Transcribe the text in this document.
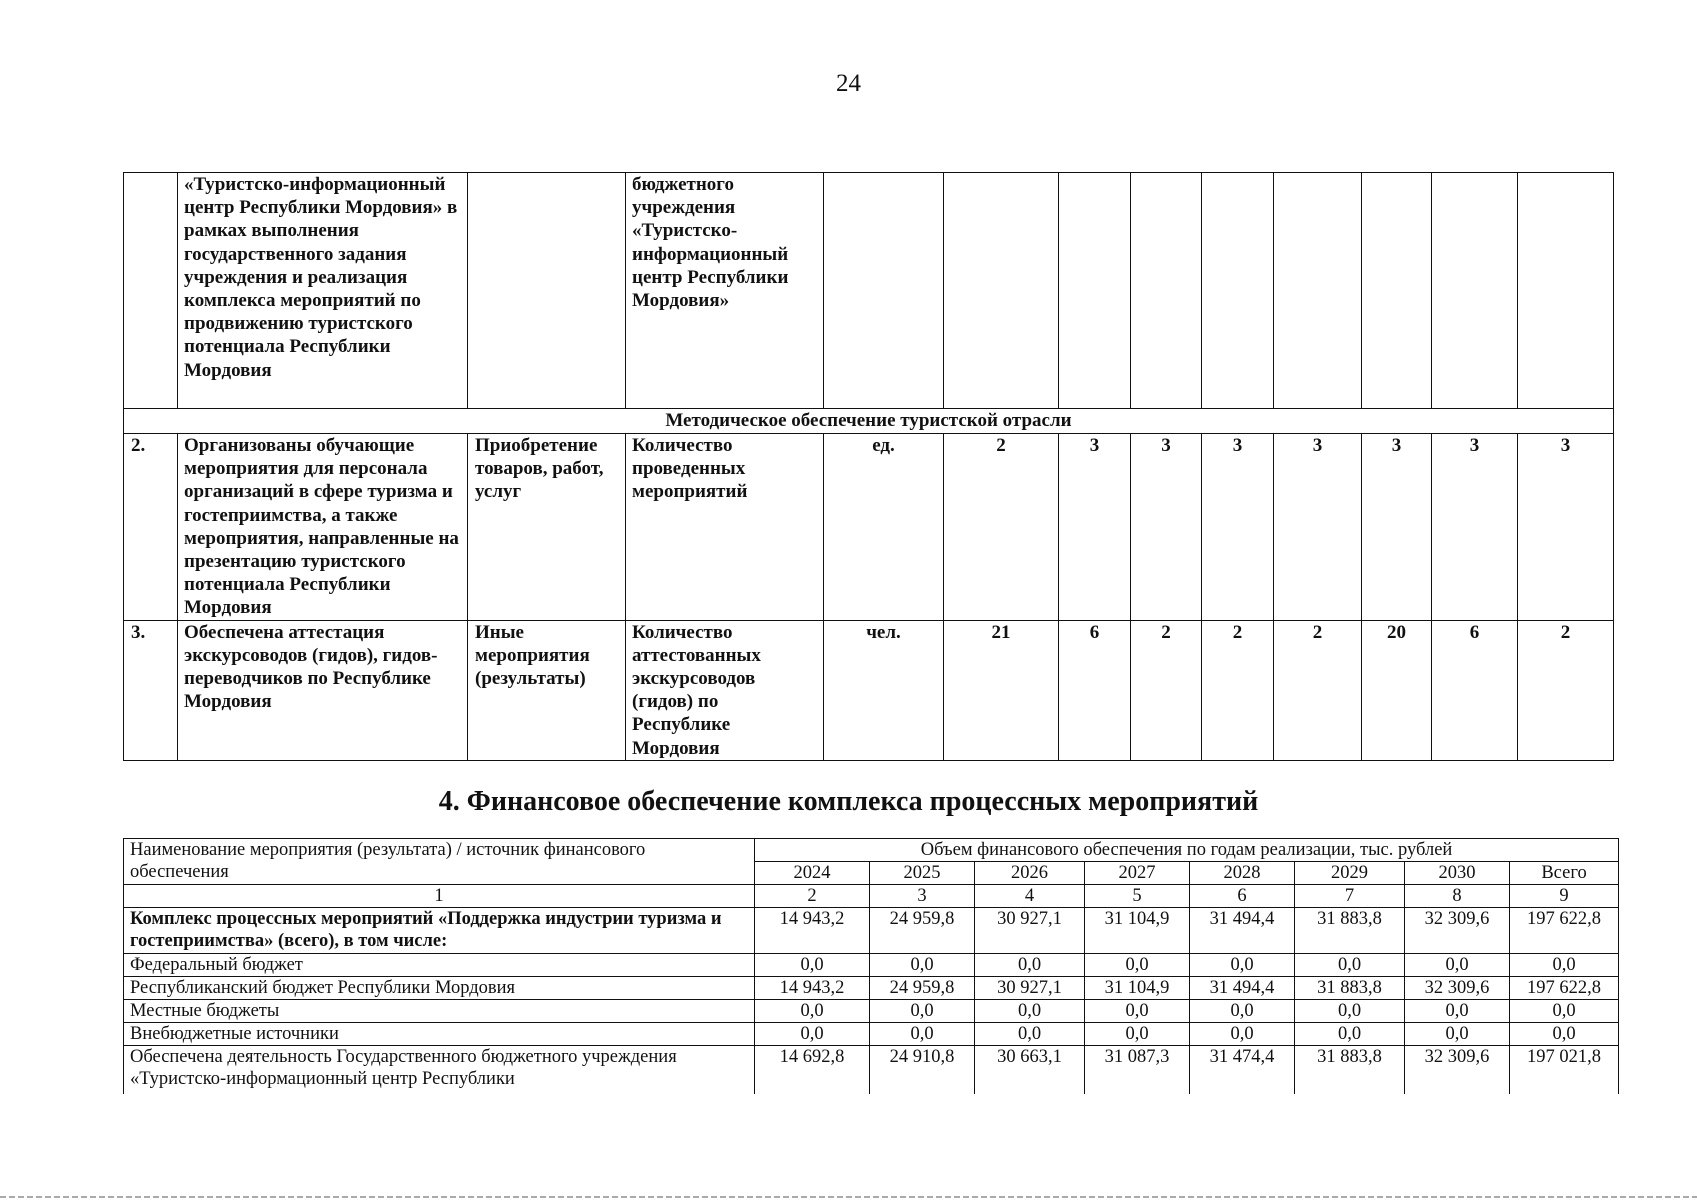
24
	«Туристско-информационный центр Республики Мордовия» в рамках выполнения государственного задания учреждения и реализация комплекса мероприятий по продвижению туристского потенциала Республики Мордовия		бюджетного учреждения «Туристско-информационный центр Республики Мордовия»									
Методическое обеспечение туристской отрасли												
2.	Организованы обучающие мероприятия для персонала организаций в сфере туризма и гостеприимства, а также мероприятия, направленные на презентацию туристского потенциала Республики Мордовия	Приобретение товаров, работ, услуг	Количество проведенных мероприятий	ед.	2	3	3	3	3	3	3	3
3.	Обеспечена аттестация экскурсоводов (гидов), гидов-переводчиков по Республике Мордовия	Иные мероприятия (результаты)	Количество аттестованных экскурсоводов (гидов) по Республике Мордовия	чел.	21	6	2	2	2	20	6	2
4. Финансовое обеспечение комплекса процессных мероприятий
Наименование мероприятия (результата) / источник финансового обеспечения	Объем финансового обеспечения по годам реализации, тыс. рублей							
	2024	2025	2026	2027	2028	2029	2030	Всего
1	2	3	4	5	6	7	8	9
Комплекс процессных мероприятий «Поддержка индустрии туризма и гостеприимства» (всего), в том числе:	14 943,2	24 959,8	30 927,1	31 104,9	31 494,4	31 883,8	32 309,6	197 622,8
Федеральный бюджет	0,0	0,0	0,0	0,0	0,0	0,0	0,0	0,0
Республиканский бюджет Республики Мордовия	14 943,2	24 959,8	30 927,1	31 104,9	31 494,4	31 883,8	32 309,6	197 622,8
Местные бюджеты	0,0	0,0	0,0	0,0	0,0	0,0	0,0	0,0
Внебюджетные источники	0,0	0,0	0,0	0,0	0,0	0,0	0,0	0,0
Обеспечена деятельность Государственного бюджетного учреждения «Туристско-информационный центр Республики	14 692,8	24 910,8	30 663,1	31 087,3	31 474,4	31 883,8	32 309,6	197 021,8
